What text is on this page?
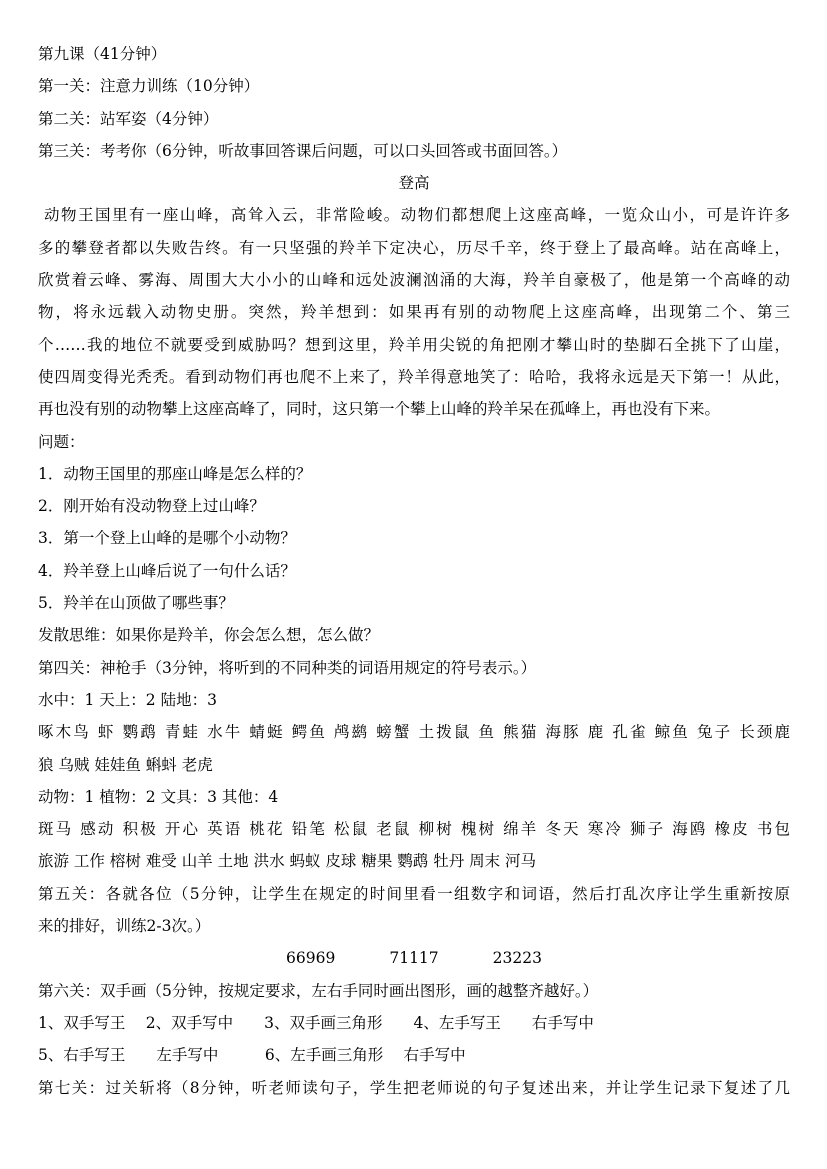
第九课（41分钟）
第一关：注意力训练（10分钟）
第二关：站军姿（4分钟）
第三关：考考你（6分钟，听故事回答课后问题，可以口头回答或书面回答。）
登高
动物王国里有一座山峰，高耸入云，非常险峻。动物们都想爬上这座高峰，一览众山小，可是许许多
多的攀登者都以失败告终。有一只坚强的羚羊下定决心，历尽千辛，终于登上了最高峰。站在高峰上，
欣赏着云峰、雾海、周围大大小小的山峰和远处波澜汹涌的大海，羚羊自豪极了，他是第一个高峰的动
物，将永远载入动物史册。突然，羚羊想到：如果再有别的动物爬上这座高峰，出现第二个、第三
个……我的地位不就要受到威胁吗？想到这里，羚羊用尖锐的角把刚才攀山时的垫脚石全挑下了山崖，
使四周变得光秃秃。看到动物们再也爬不上来了，羚羊得意地笑了：哈哈，我将永远是天下第一！从此，
再也没有别的动物攀上这座高峰了，同时，这只第一个攀上山峰的羚羊呆在孤峰上，再也没有下来。
问题：
1．动物王国里的那座山峰是怎么样的？
2．刚开始有没动物登上过山峰？
3．第一个登上山峰的是哪个小动物？
4．羚羊登上山峰后说了一句什么话？
5．羚羊在山顶做了哪些事？
发散思维：如果你是羚羊，你会怎么想，怎么做？
第四关：神枪手（3分钟，将听到的不同种类的词语用规定的符号表示。）
水中：1 天上：2 陆地：3
啄木鸟 虾 鹦鹉 青蛙 水牛 蜻蜓 鳄鱼 鸬鹚 螃蟹 土拨鼠 鱼 熊猫 海豚 鹿 孔雀 鲸鱼 兔子 长颈鹿
狼 乌贼 娃娃鱼 蝌蚪 老虎
动物：1 植物：2 文具：3 其他：4
斑马 感动 积极 开心 英语 桃花 铅笔 松鼠 老鼠 柳树 槐树 绵羊 冬天 寒冷 狮子 海鸥 橡皮 书包
旅游 工作 榕树 难受 山羊 土地 洪水 蚂蚁 皮球 糖果 鹦鹉 牡丹 周末 河马
第五关：各就各位（5分钟，让学生在规定的时间里看一组数字和词语，然后打乱次序让学生重新按原
来的排好，训练2-3次。）
66969	71117	23223
第六关：双手画（5分钟，按规定要求，左右手同时画出图形，画的越整齐越好。）
1、双手写王　 2、双手写中　　3、双手画三角形　　4、左手写王　　右手写中
5、右手写王　　左手写中　　　6、左手画三角形　 右手写中
第七关：过关斩将（8分钟，听老师读句子，学生把老师说的句子复述出来，并让学生记录下复述了几
